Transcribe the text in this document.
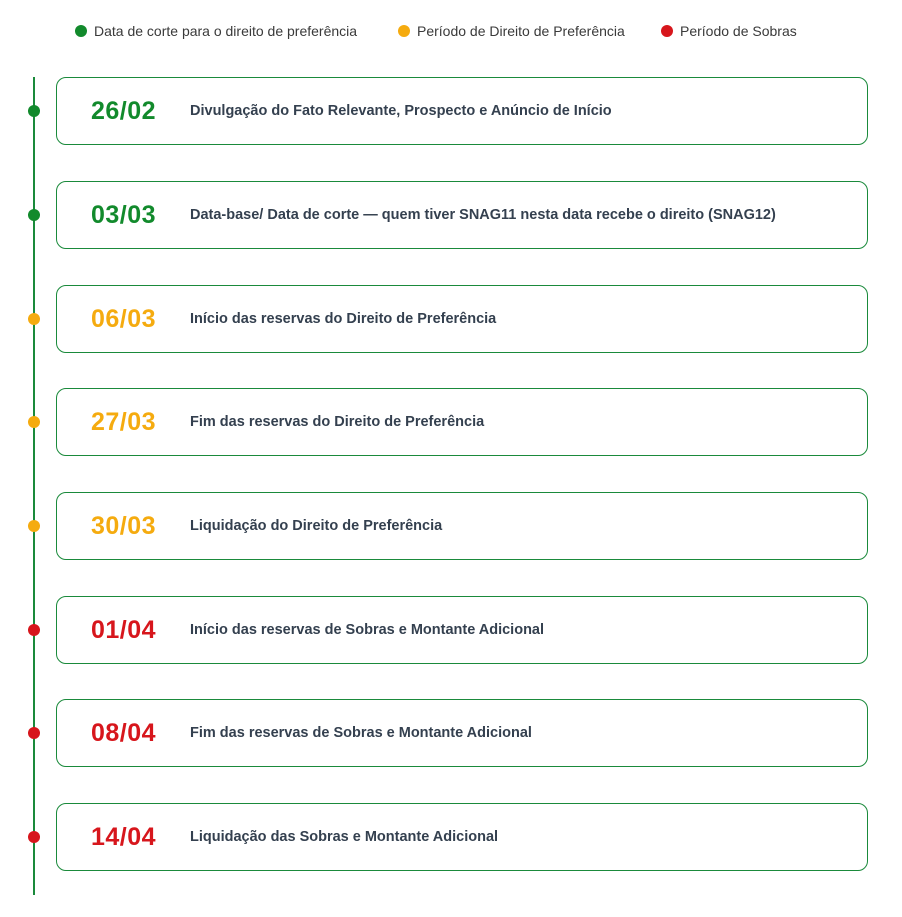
Data de corte para o direito de preferência	Período de Direito de Preferência	Período de Sobras
26/02	Divulgação do Fato Relevante, Prospecto e Anúncio de Início
03/03	Data-base/ Data de corte — quem tiver SNAG11 nesta data recebe o direito (SNAG12)
06/03	Início das reservas do Direito de Preferência
27/03	Fim das reservas do Direito de Preferência
30/03	Liquidação do Direito de Preferência
01/04	Início das reservas de Sobras e Montante Adicional
08/04	Fim das reservas de Sobras e Montante Adicional
14/04	Liquidação das Sobras e Montante Adicional
